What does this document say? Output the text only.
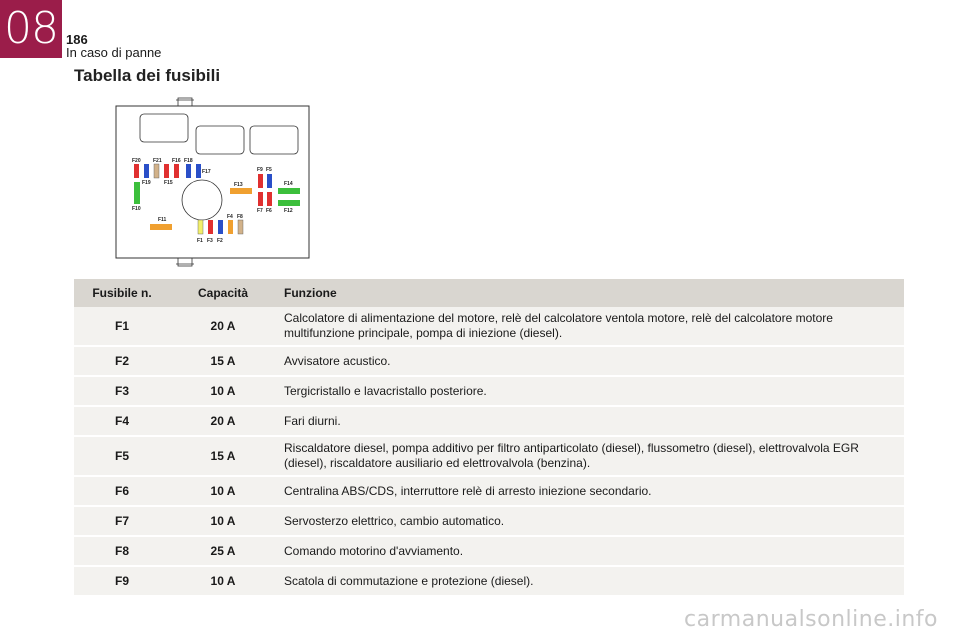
08 186
In caso di panne
Tabella dei fusibili
F20 F21 F16 F18
F19	F15
F17	F9 F5
F13	F14
F10	F7 F6 F12
F11	F4 F8
F1 F3 F2
Fusibile n.	Capacità	Funzione
F1	20 A	Calcolatore di alimentazione del motore, relè del calcolatore ventola motore, relè del calcolatore motore multifunzione principale, pompa di iniezione (diesel).
F2	15 A	Avvisatore acustico.
F3	10 A	Tergicristallo e lavacristallo posteriore.
F4	20 A	Fari diurni.
F5	15 A	Riscaldatore diesel, pompa additivo per filtro antiparticolato (diesel), flussometro (diesel), elettrovalvola EGR (diesel), riscaldatore ausiliario ed elettrovalvola (benzina).
F6	10 A	Centralina ABS/CDS, interruttore relè di arresto iniezione secondario.
F7	10 A	Servosterzo elettrico, cambio automatico.
F8	25 A	Comando motorino d'avviamento.
F9	10 A	Scatola di commutazione e protezione (diesel).
carmanualsonline.info
